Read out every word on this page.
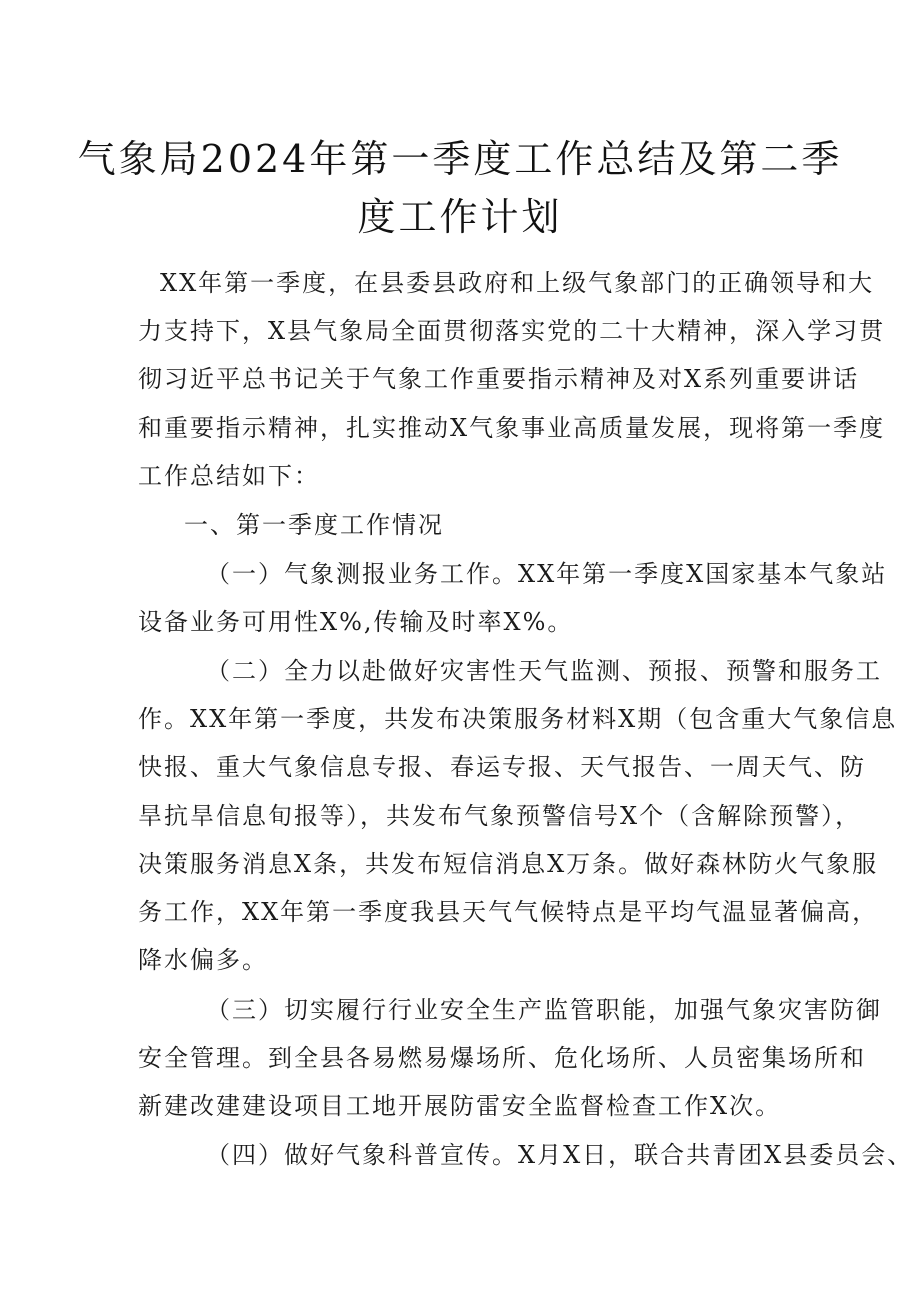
气象局2024年第一季度工作总结及第二季
度工作计划
XX年第一季度，在县委县政府和上级气象部门的正确领导和大
力支持下，X县气象局全面贯彻落实党的二十大精神，深入学习贯
彻习近平总书记关于气象工作重要指示精神及对X系列重要讲话
和重要指示精神，扎实推动X气象事业高质量发展，现将第一季度
工作总结如下：
一、第一季度工作情况
（一）气象测报业务工作。XX年第一季度X国家基本气象站
设备业务可用性X%,传输及时率X%。
（二）全力以赴做好灾害性天气监测、预报、预警和服务工
作。XX年第一季度，共发布决策服务材料X期（包含重大气象信息
快报、重大气象信息专报、春运专报、天气报告、一周天气、防
旱抗旱信息旬报等），共发布气象预警信号X个（含解除预警），
决策服务消息X条，共发布短信消息X万条。做好森林防火气象服
务工作，XX年第一季度我县天气气候特点是平均气温显著偏高，
降水偏多。
（三）切实履行行业安全生产监管职能，加强气象灾害防御
安全管理。到全县各易燃易爆场所、危化场所、人员密集场所和
新建改建建设项目工地开展防雷安全监督检查工作X次。
（四）做好气象科普宣传。X月X日，联合共青团X县委员会、
